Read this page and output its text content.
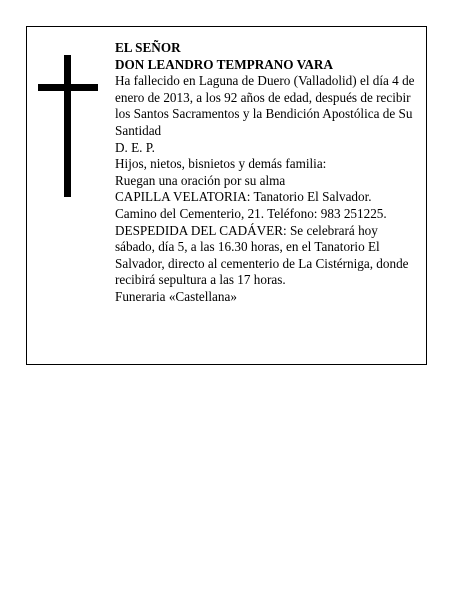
EL SEÑOR

DON LEANDRO TEMPRANO VARA

Ha fallecido en Laguna de Duero (Valladolid) el día 4 de enero de 2013, a los 92 años de edad, después de recibir los Santos Sacramentos y la Bendición Apostólica de Su Santidad

D. E. P.

Hijos, nietos, bisnietos y demás familia:

Ruegan una oración por su alma

CAPILLA VELATORIA: Tanatorio El Salvador.

Camino del Cementerio, 21. Teléfono: 983 251225.

DESPEDIDA DEL CADÁVER: Se celebrará hoy sábado, día 5, a las 16.30 horas, en el Tanatorio El Salvador, directo al cementerio de La Cistérniga, donde recibirá sepultura a las 17 horas.

Funeraria «Castellana»
